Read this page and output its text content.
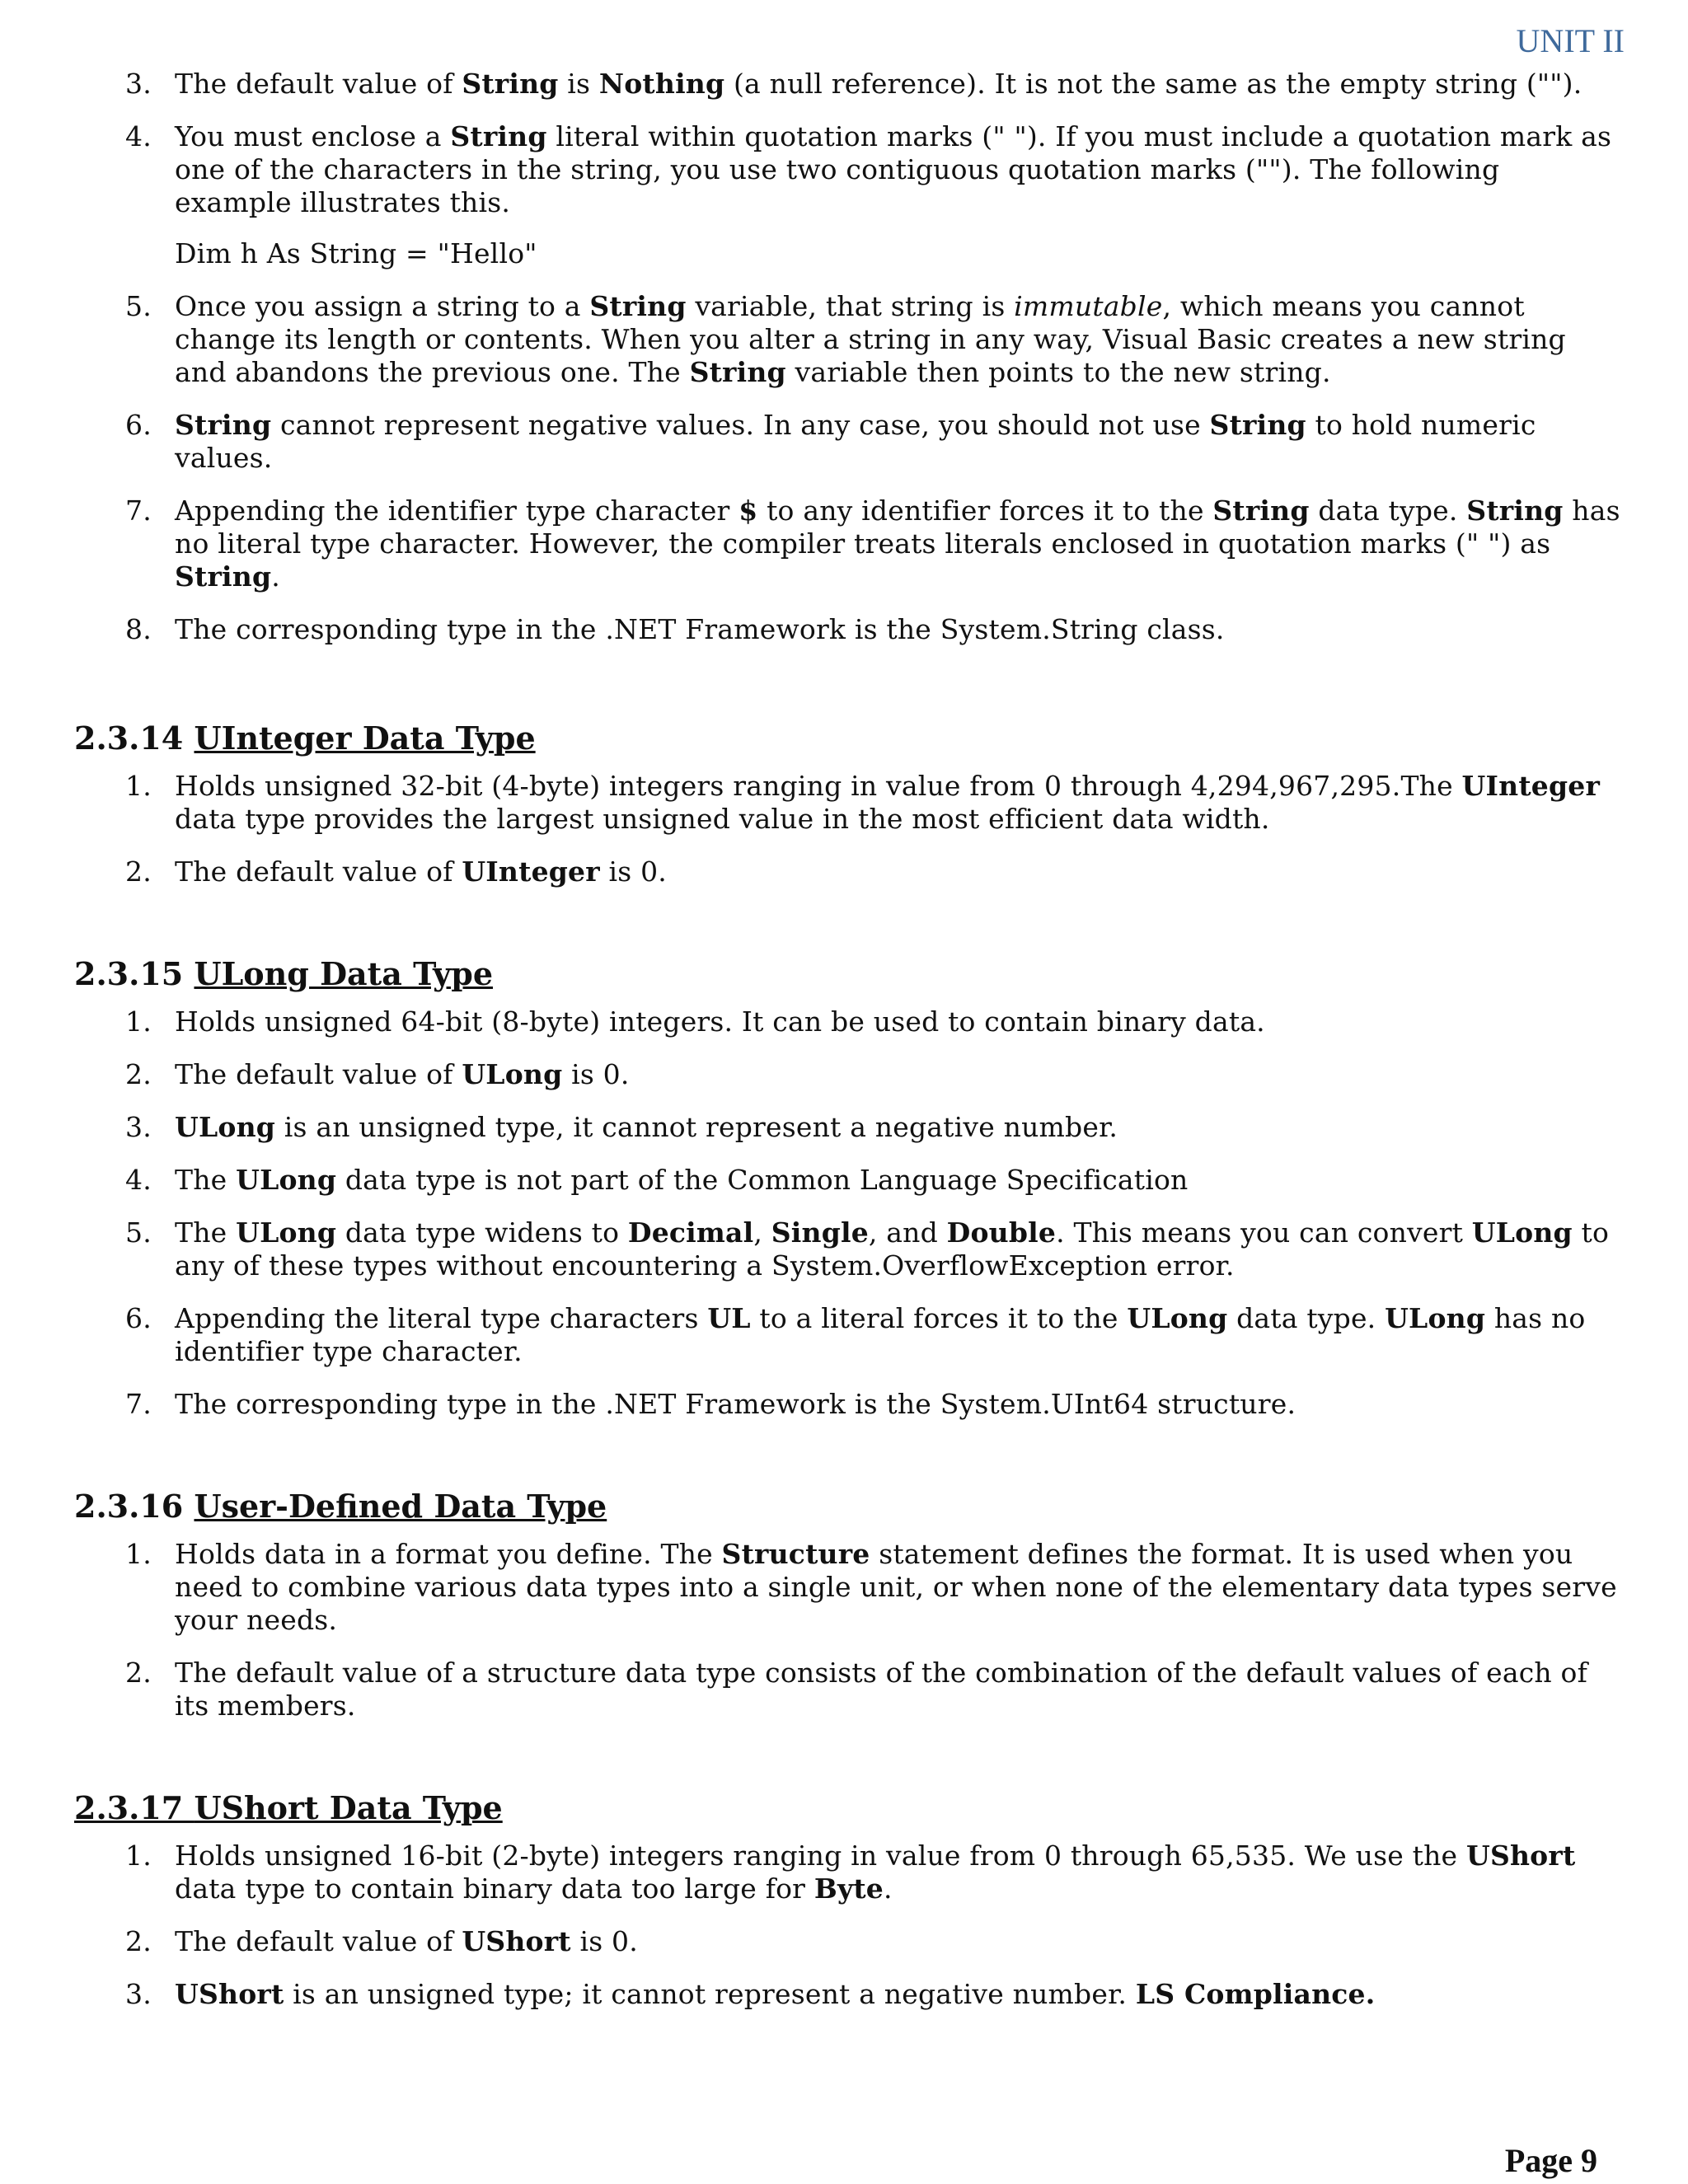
UNIT II
3. The default value of String is Nothing (a null reference). It is not the same as the empty string ("").
4. You must enclose a String literal within quotation marks (" "). If you must include a quotation mark as one of the characters in the string, you use two contiguous quotation marks (""). The following example illustrates this.
Dim h As String = "Hello"
5. Once you assign a string to a String variable, that string is immutable, which means you cannot change its length or contents. When you alter a string in any way, Visual Basic creates a new string and abandons the previous one. The String variable then points to the new string.
6. String cannot represent negative values. In any case, you should not use String to hold numeric values.
7. Appending the identifier type character $ to any identifier forces it to the String data type. String has no literal type character. However, the compiler treats literals enclosed in quotation marks (" ") as String.
8. The corresponding type in the .NET Framework is the System.String class.
2.3.14 UInteger Data Type
1. Holds unsigned 32-bit (4-byte) integers ranging in value from 0 through 4,294,967,295.The UInteger data type provides the largest unsigned value in the most efficient data width.
2. The default value of UInteger is 0.
2.3.15 ULong Data Type
1. Holds unsigned 64-bit (8-byte) integers. It can be used to contain binary data.
2. The default value of ULong is 0.
3. ULong is an unsigned type, it cannot represent a negative number.
4. The ULong data type is not part of the Common Language Specification
5. The ULong data type widens to Decimal, Single, and Double. This means you can convert ULong to any of these types without encountering a System.OverflowException error.
6. Appending the literal type characters UL to a literal forces it to the ULong data type. ULong has no identifier type character.
7. The corresponding type in the .NET Framework is the System.UInt64 structure.
2.3.16 User-Defined Data Type
1. Holds data in a format you define. The Structure statement defines the format. It is used when you need to combine various data types into a single unit, or when none of the elementary data types serve your needs.
2. The default value of a structure data type consists of the combination of the default values of each of its members.
2.3.17 UShort Data Type
1. Holds unsigned 16-bit (2-byte) integers ranging in value from 0 through 65,535. We use the UShort data type to contain binary data too large for Byte.
2. The default value of UShort is 0.
3. UShort is an unsigned type; it cannot represent a negative number. LS Compliance.
Page 9
